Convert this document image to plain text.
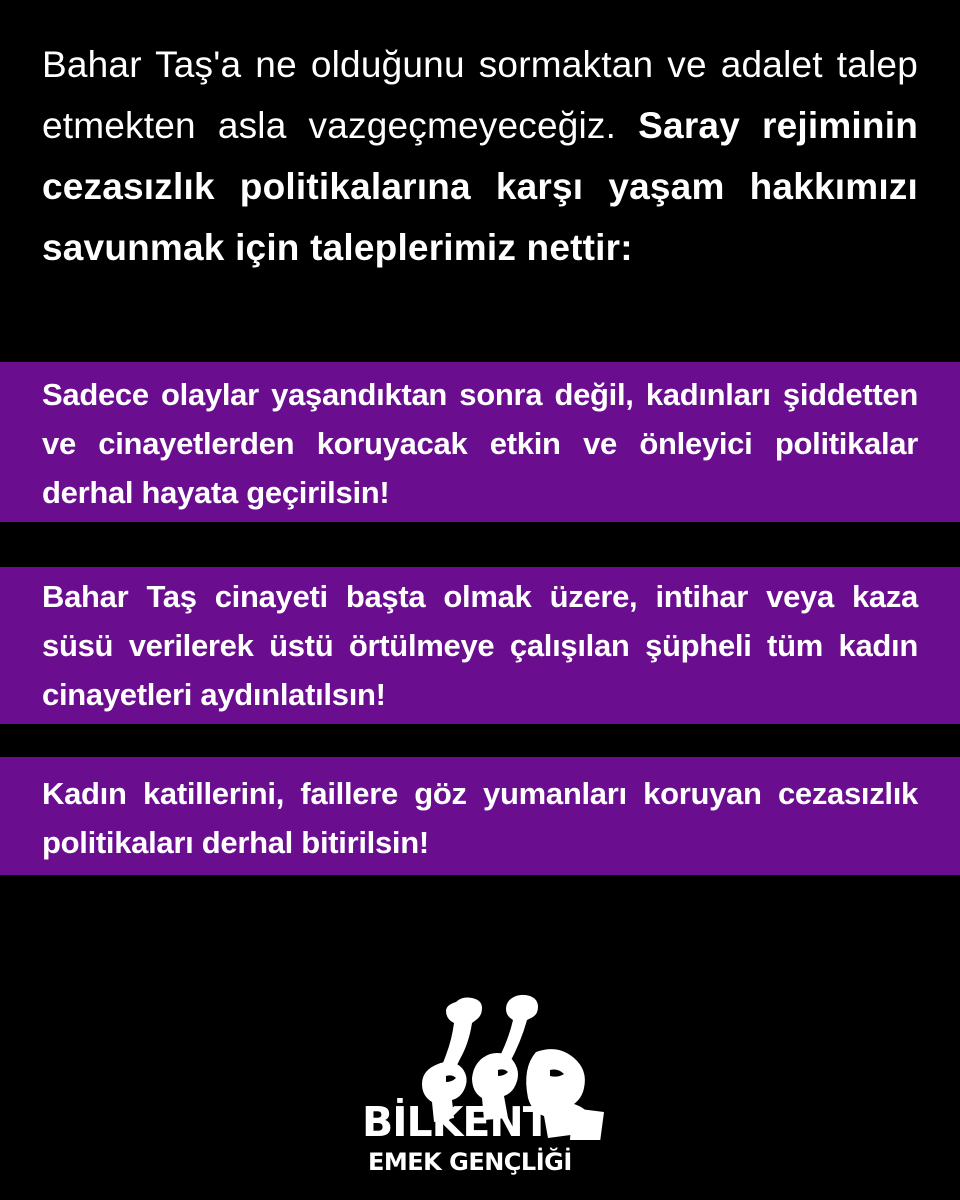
Bahar Taş'a ne olduğunu sormaktan ve adalet talep etmekten asla vazgeçmeyeceğiz. Saray rejiminin cezasızlık politikalarına karşı yaşam hakkımızı savunmak için taleplerimiz nettir:

Sadece olaylar yaşandıktan sonra değil, kadınları şiddetten ve cinayetlerden koruyacak etkin ve önleyici politikalar derhal hayata geçirilsin!

Bahar Taş cinayeti başta olmak üzere, intihar veya kaza süsü verilerek üstü örtülmeye çalışılan şüpheli tüm kadın cinayetleri aydınlatılsın!

Kadın katillerini, faillere göz yumanları koruyan cezasızlık politikaları derhal bitirilsin!

BİLKENT
EMEK GENÇLİĞİ
